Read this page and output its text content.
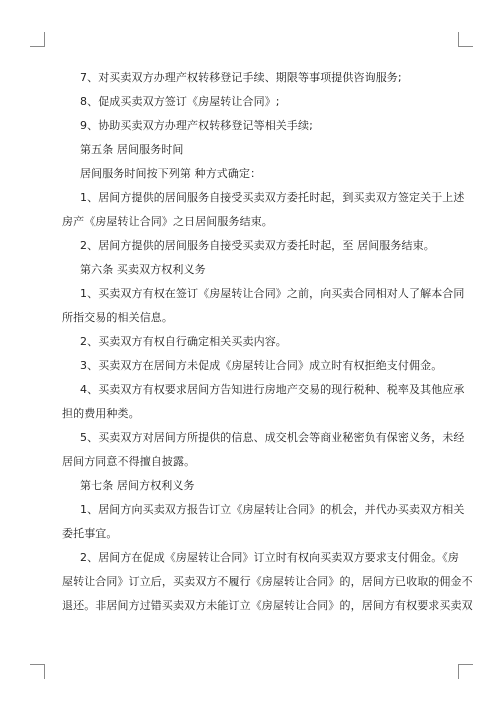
7、对买卖双方办理产权转移登记手续、期限等事项提供咨询服务;
8、促成买卖双方签订《房屋转让合同》;
9、协助买卖双方办理产权转移登记等相关手续;
第五条 居间服务时间
居间服务时间按下列第 种方式确定：
1、居间方提供的居间服务自接受买卖双方委托时起，到买卖双方签定关于上述
房产《房屋转让合同》之日居间服务结束。
2、居间方提供的居间服务自接受买卖双方委托时起，至 居间服务结束。
第六条 买卖双方权利义务
1、买卖双方有权在签订《房屋转让合同》之前，向买卖合同相对人了解本合同
所指交易的相关信息。
2、买卖双方有权自行确定相关买卖内容。
3、买卖双方在居间方未促成《房屋转让合同》成立时有权拒绝支付佣金。
4、买卖双方有权要求居间方告知进行房地产交易的现行税种、税率及其他应承
担的费用种类。
5、买卖双方对居间方所提供的信息、成交机会等商业秘密负有保密义务，未经
居间方同意不得擅自披露。
第七条 居间方权利义务
1、居间方向买卖双方报告订立《房屋转让合同》的机会，并代办买卖双方相关
委托事宜。
2、居间方在促成《房屋转让合同》订立时有权向买卖双方要求支付佣金。《房
屋转让合同》订立后，买卖双方不履行《房屋转让合同》的，居间方已收取的佣金不
退还。非居间方过错买卖双方未能订立《房屋转让合同》的，居间方有权要求买卖双
